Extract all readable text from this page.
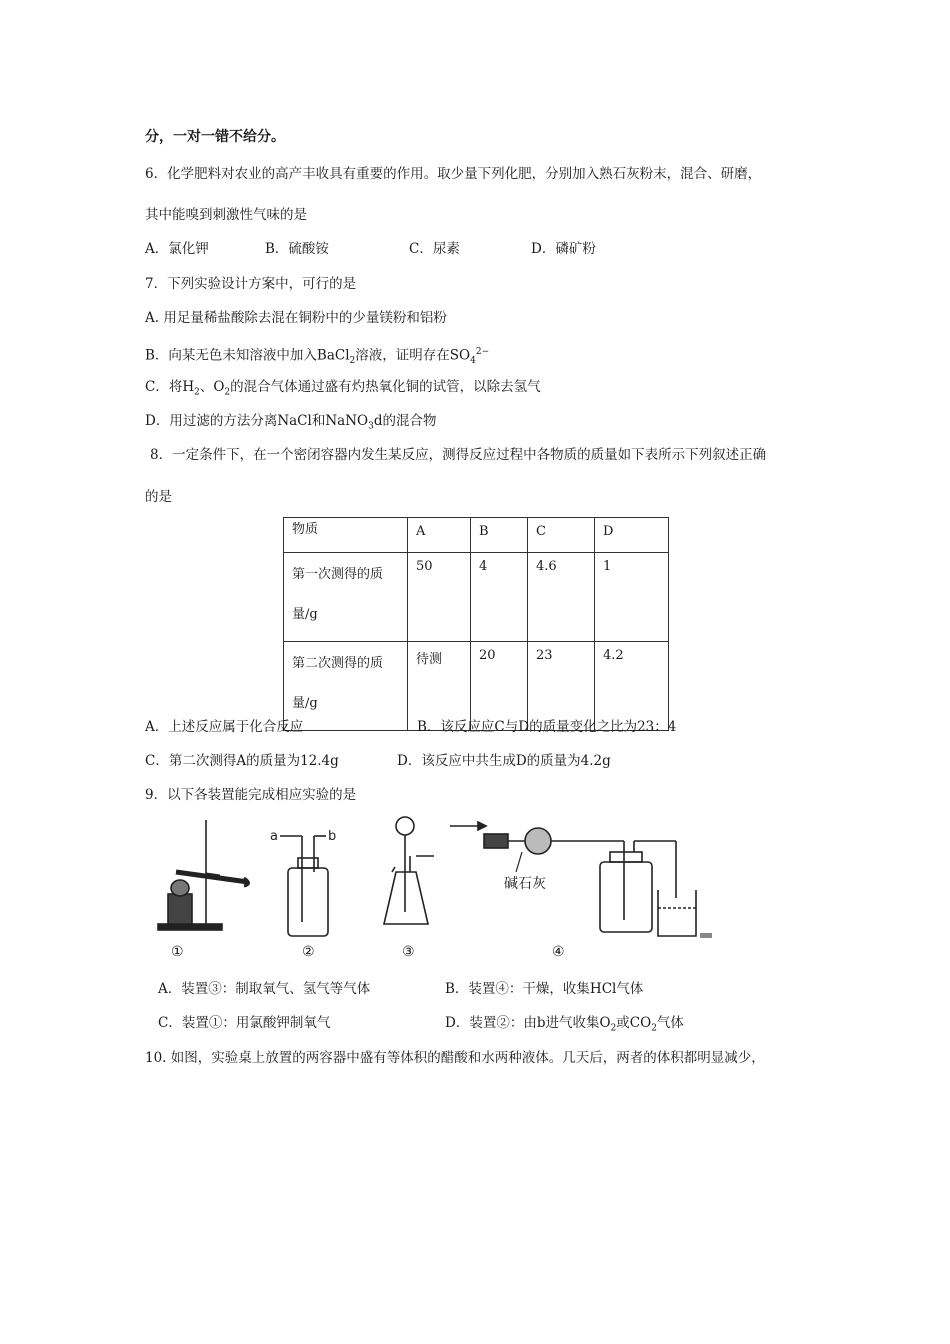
分，一对一错不给分。
6．化学肥料对农业的高产丰收具有重要的作用。取少量下列化肥，分别加入熟石灰粉末，混合、研磨，
其中能嗅到刺激性气味的是
A．氯化钾	B．硫酸铵	C．尿素	D．磷矿粉
7．下列实验设计方案中，可行的是
A. 用足量稀盐酸除去混在铜粉中的少量镁粉和铝粉
B．向某无色未知溶液中加入BaCl$_2$溶液，证明存在$SO_4^{2-}$
C．将$H_2$、$O_2$的混合气体通过盛有灼热氧化铜的试管，以除去氢气
D．用过滤的方法分离NaCl和NaNO$_3$d的混合物
8．一定条件下，在一个密闭容器内发生某反应，测得反应过程中各物质的质量如下表所示下列叙述正确
的是
物质	A	B	C	D
第一次测得的质量/g	50	4	4.6	1
第二次测得的质量/g	待测	20	23	4.2
A．上述反应属于化合反应	B．该反应应C与D的质量变化之比为23：4
C．第二次测得A的质量为12.4g	D．该反应中共生成D的质量为4.2g
9．以下各装置能完成相应实验的是
a	b
碱石灰
①	②	③	④
A．装置③：制取氧气、氢气等气体	B．装置④：干燥，收集HCl气体
C．装置①：用氯酸钾制氧气	D．装置②：由b进气收集$O_2$或$CO_2$气体
10. 如图，实验桌上放置的两容器中盛有等体积的醋酸和水两种液体。几天后，两者的体积都明显减少，
